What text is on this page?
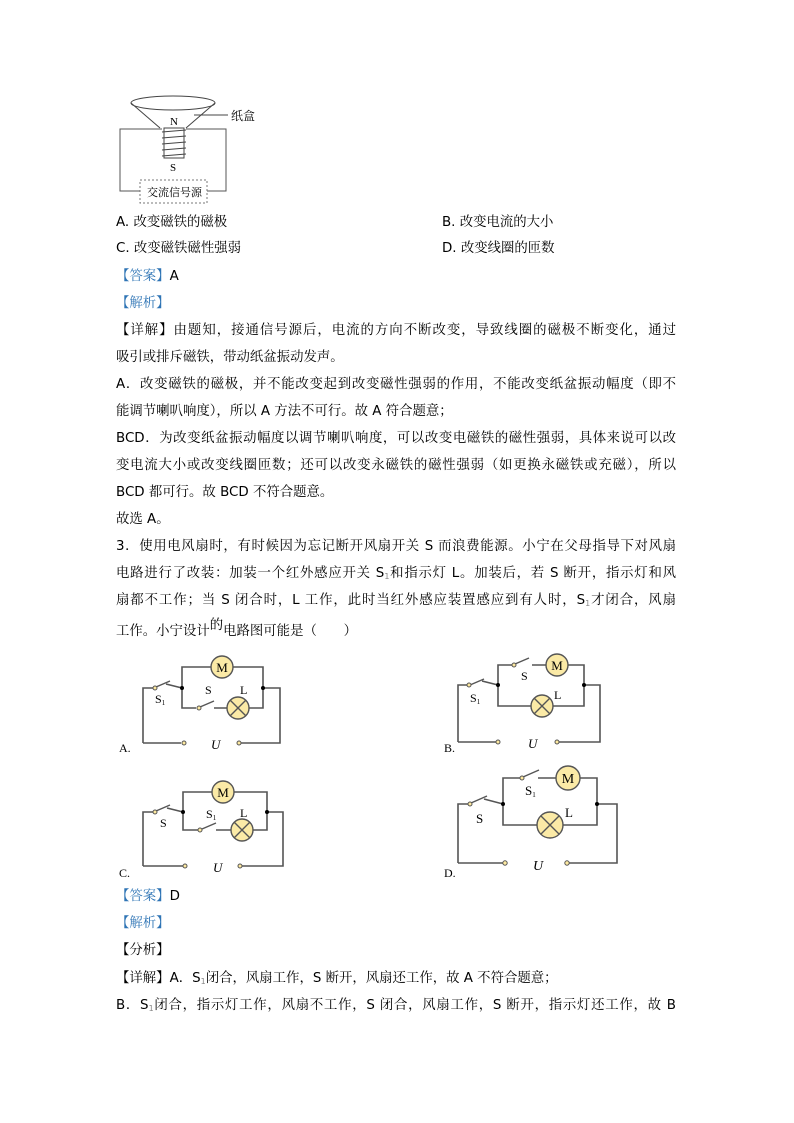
纸盒
N
S
交流信号源
A. 改变磁铁的磁极	B. 改变电流的大小
C. 改变磁铁磁性强弱	D. 改变线圈的匝数
【答案】A
【解析】
【详解】由题知，接通信号源后，电流的方向不断改变，导致线圈的磁极不断变化，通过
吸引或排斥磁铁，带动纸盆振动发声。
A．改变磁铁的磁极，并不能改变起到改变磁性强弱的作用，不能改变纸盆振动幅度（即不
能调节喇叭响度），所以 A 方法不可行。故 A 符合题意；
BCD．为改变纸盆振动幅度以调节喇叭响度，可以改变电磁铁的磁性强弱，具体来说可以改
变电流大小或改变线圈匝数；还可以改变永磁铁的磁性强弱（如更换永磁铁或充磁），所以
BCD 都可行。故 BCD 不符合题意。
故选 A。
3．使用电风扇时，有时候因为忘记断开风扇开关 S 而浪费能源。小宁在父母指导下对风扇
电路进行了改装：加装一个红外感应开关 $S_1$和指示灯 L。加装后，若 S 断开，指示灯和风
扇都不工作；当 S 闭合时，L 工作，此时当红外感应装置感应到有人时，$S_1$才闭合，风扇
工作。小宁设计的电路图可能是（　　）
M
L
S1
S
U
A.
M
L
S1
S
U
B.
M
L
S
S1
U
C.
M
L
S
S1
U
D.
【答案】D
【解析】
【分析】
【详解】A．$S_1$闭合，风扇工作，S 断开，风扇还工作，故 A 不符合题意；
B．$S_1$闭合，指示灯工作，风扇不工作，S 闭合，风扇工作，S 断开，指示灯还工作，故 B
